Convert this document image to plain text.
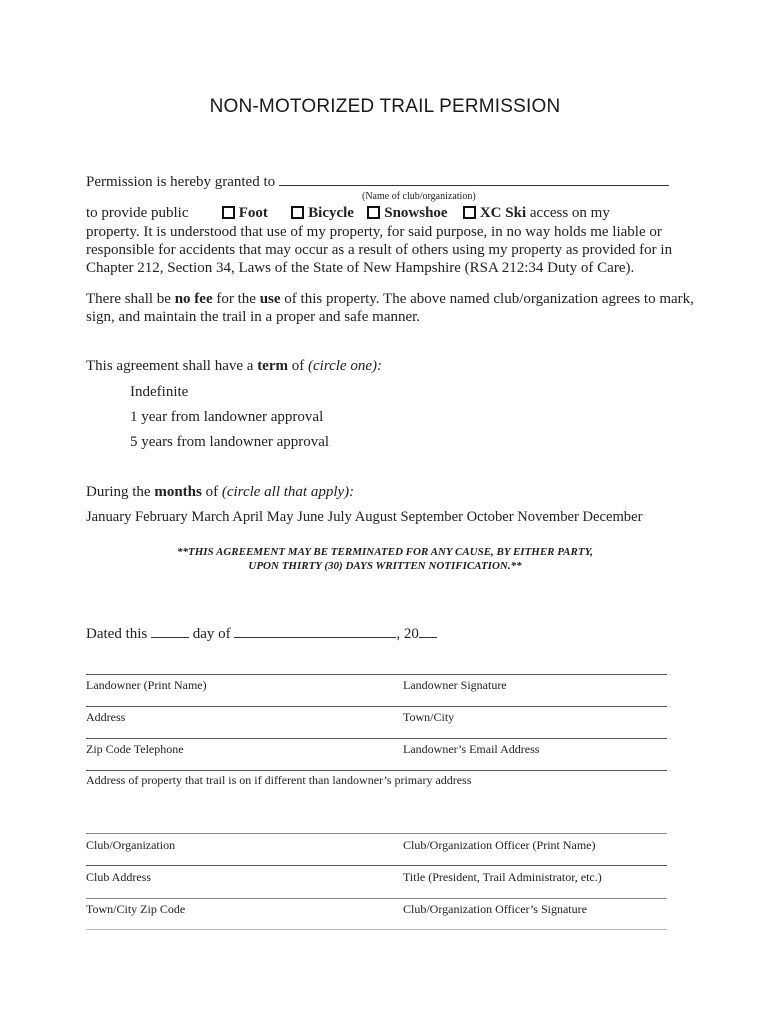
NON-MOTORIZED TRAIL PERMISSION
Permission is hereby granted to
(Name of club/organization)
to provide public	Foot	Bicycle Snowshoe XC Ski access on my
property. It is understood that use of my property, for said purpose, in no way holds me liable or
responsible for accidents that may occur as a result of others using my property as provided for in
Chapter 212, Section 34, Laws of the State of New Hampshire (RSA 212:34 Duty of Care).
There shall be no fee for the use of this property. The above named club/organization agrees to mark,
sign, and maintain the trail in a proper and safe manner.
This agreement shall have a term of (circle one):
Indefinite
1 year from landowner approval
5 years from landowner approval
During the months of (circle all that apply):
January February March April May June July August September October November December
**THIS AGREEMENT MAY BE TERMINATED FOR ANY CAUSE, BY EITHER PARTY,
UPON THIRTY (30) DAYS WRITTEN NOTIFICATION.**
Dated this	day of	, 20
Landowner (Print Name)	Landowner Signature
Address	Town/City
Zip Code Telephone	Landowner’s Email Address
Address of property that trail is on if different than landowner’s primary address
Club/Organization	Club/Organization Officer (Print Name)
Club Address	Title (President, Trail Administrator, etc.)
Town/City Zip Code	Club/Organization Officer’s Signature
